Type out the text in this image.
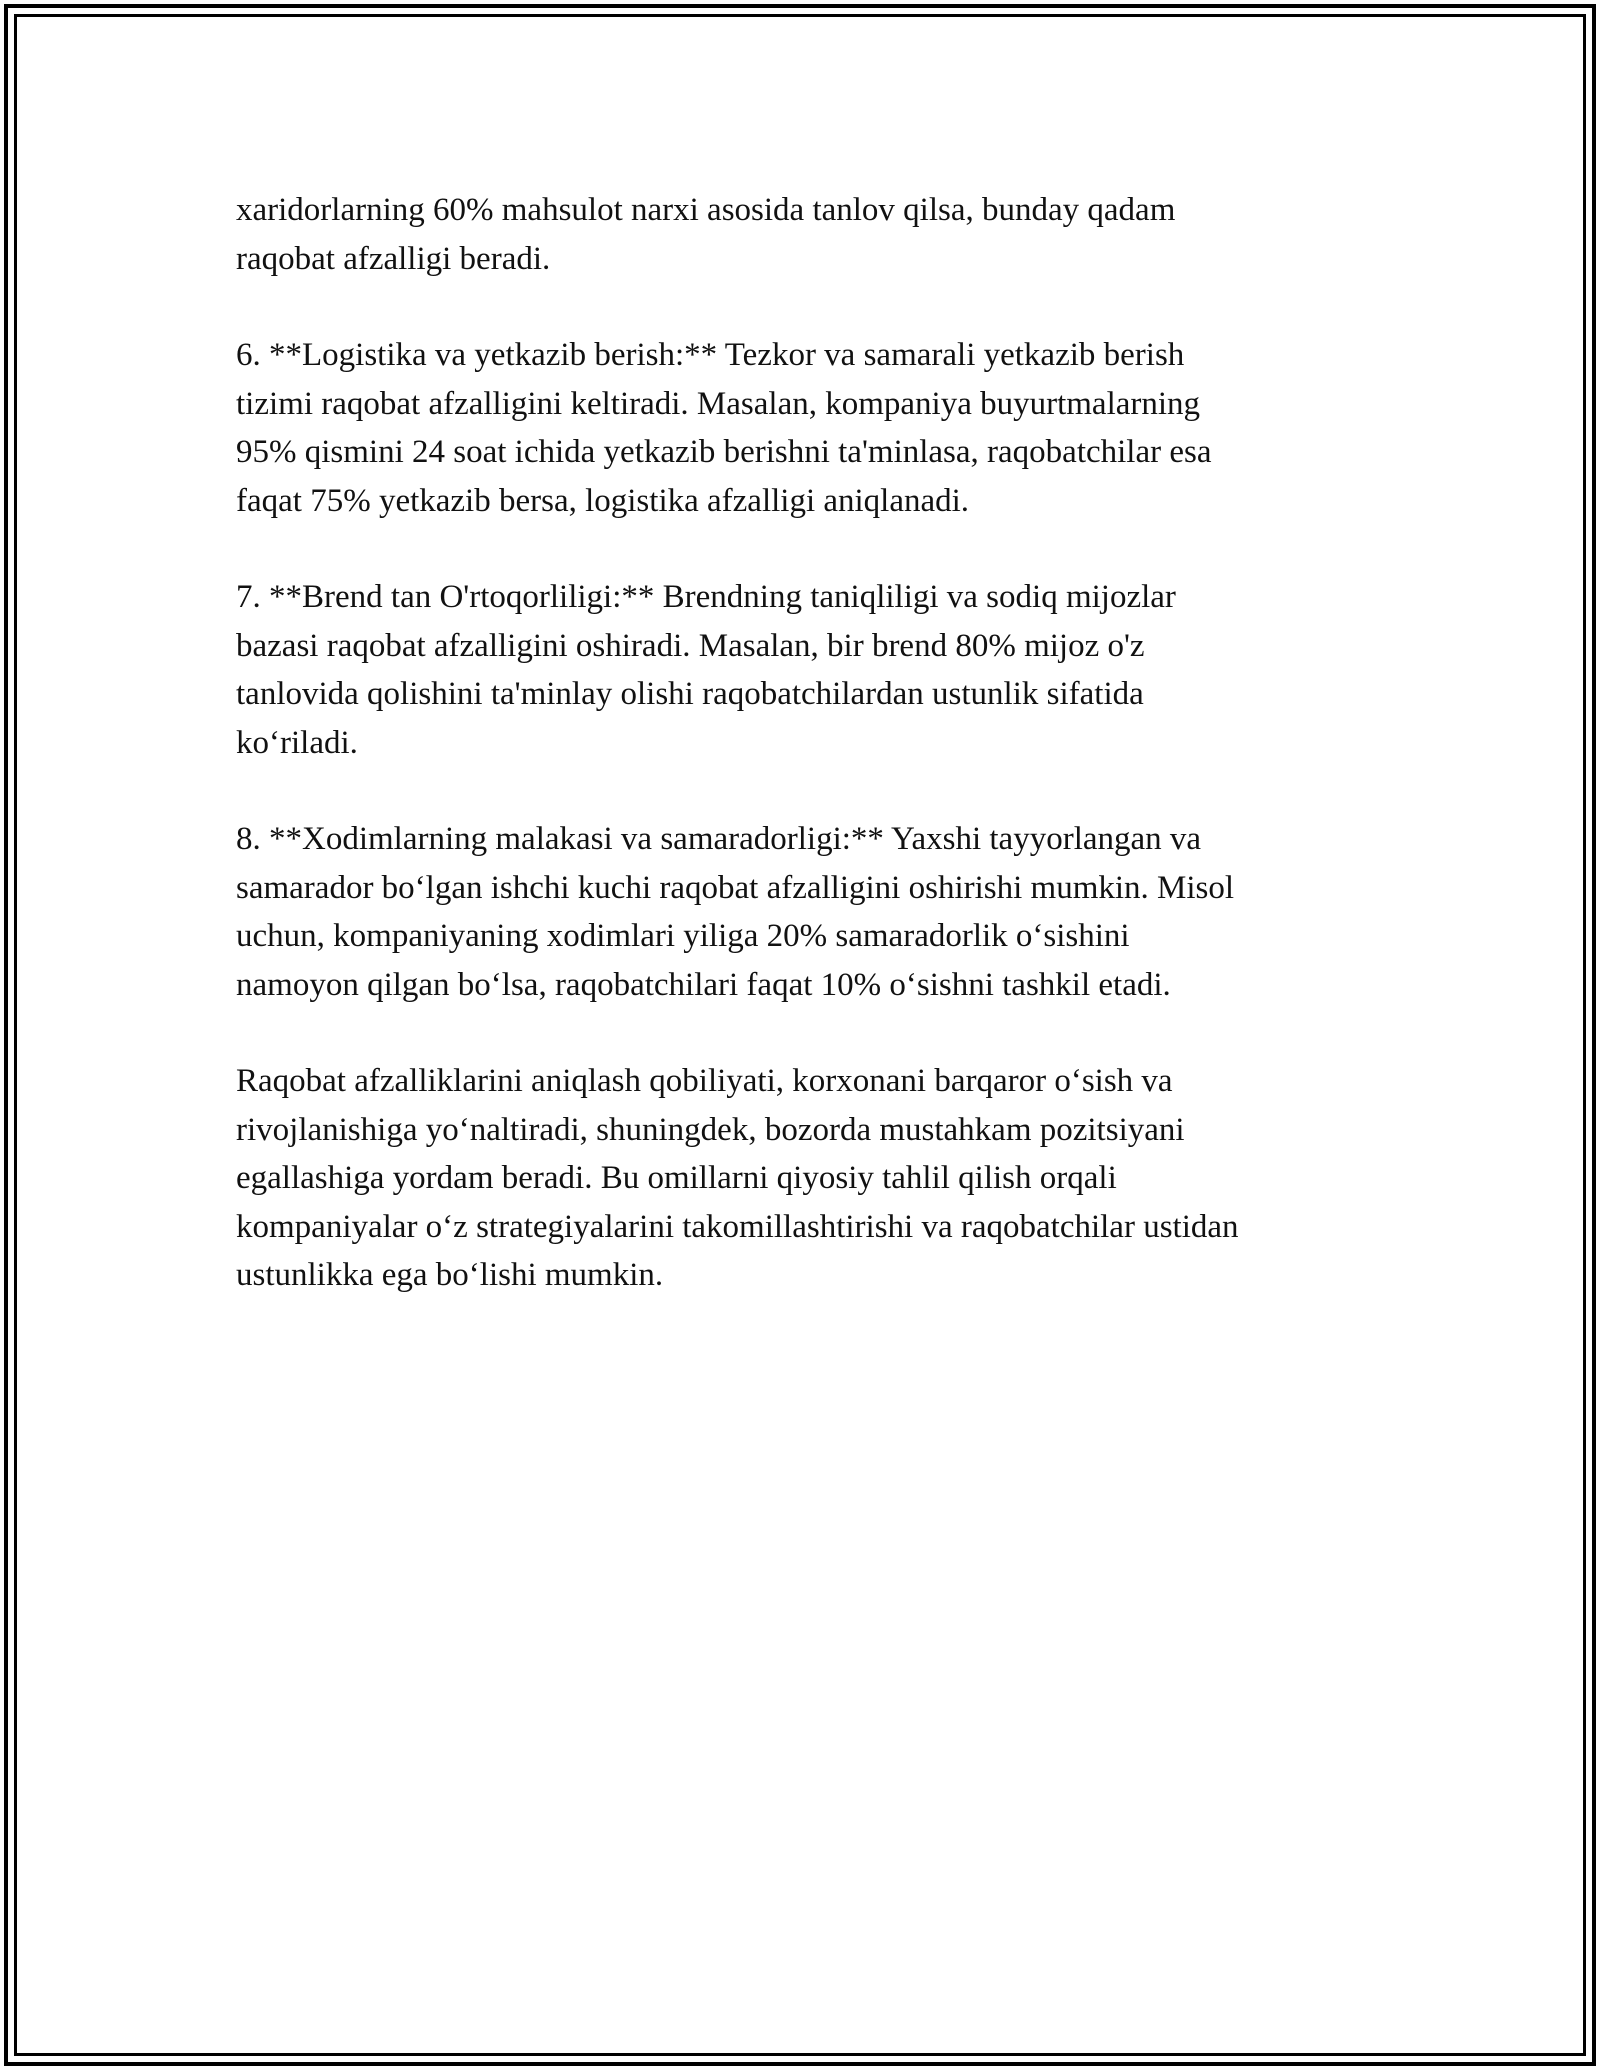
xaridorlarning 60% mahsulot narxi asosida tanlov qilsa, bunday qadam
raqobat afzalligi beradi.

6. **Logistika va yetkazib berish:** Tezkor va samarali yetkazib berish
tizimi raqobat afzalligini keltiradi. Masalan, kompaniya buyurtmalarning
95% qismini 24 soat ichida yetkazib berishni ta'minlasa, raqobatchilar esa
faqat 75% yetkazib bersa, logistika afzalligi aniqlanadi.

7. **Brend tan O'rtoqorliligi:** Brendning taniqliligi va sodiq mijozlar
bazasi raqobat afzalligini oshiradi. Masalan, bir brend 80% mijoz o'z
tanlovida qolishini ta'minlay olishi raqobatchilardan ustunlik sifatida
ko‘riladi.

8. **Xodimlarning malakasi va samaradorligi:** Yaxshi tayyorlangan va
samarador bo‘lgan ishchi kuchi raqobat afzalligini oshirishi mumkin. Misol
uchun, kompaniyaning xodimlari yiliga 20% samaradorlik o‘sishini
namoyon qilgan bo‘lsa, raqobatchilari faqat 10% o‘sishni tashkil etadi.

Raqobat afzalliklarini aniqlash qobiliyati, korxonani barqaror o‘sish va
rivojlanishiga yo‘naltiradi, shuningdek, bozorda mustahkam pozitsiyani
egallashiga yordam beradi. Bu omillarni qiyosiy tahlil qilish orqali
kompaniyalar o‘z strategiyalarini takomillashtirishi va raqobatchilar ustidan
ustunlikka ega bo‘lishi mumkin.
